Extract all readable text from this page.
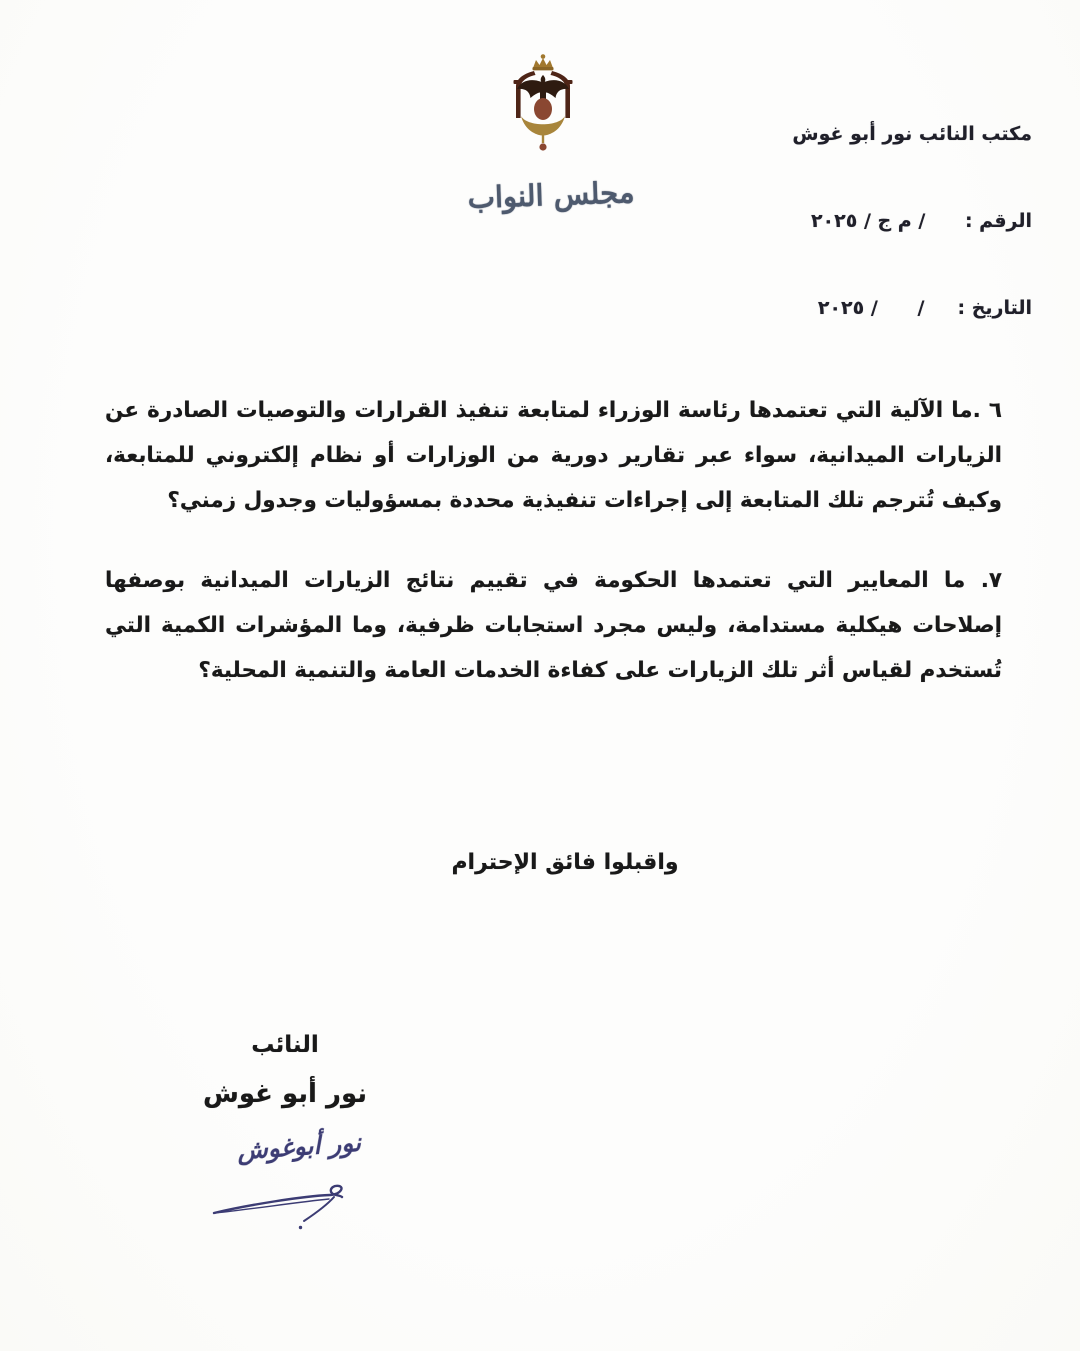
مكتب النائب نور أبو غوش

الرقم :      / م ج / ٢٠٢٥

التاريخ :     /      / ٢٠٢٥

مجلس النواب
٦ .ما الآلية التي تعتمدها رئاسة الوزراء لمتابعة تنفيذ القرارات والتوصيات الصادرة عن الزيارات الميدانية، سواء عبر تقارير دورية من الوزارات أو نظام إلكتروني للمتابعة، وكيف تُترجم تلك المتابعة إلى إجراءات تنفيذية محددة بمسؤوليات وجدول زمني؟
٧. ما المعايير التي تعتمدها الحكومة في تقييم نتائج الزيارات الميدانية بوصفها إصلاحات هيكلية مستدامة، وليس مجرد استجابات ظرفية، وما المؤشرات الكمية التي تُستخدم لقياس أثر تلك الزيارات على كفاءة الخدمات العامة والتنمية المحلية؟
واقبلوا فائق الإحترام
النائب
نور أبو غوش
نور أبوغوش
